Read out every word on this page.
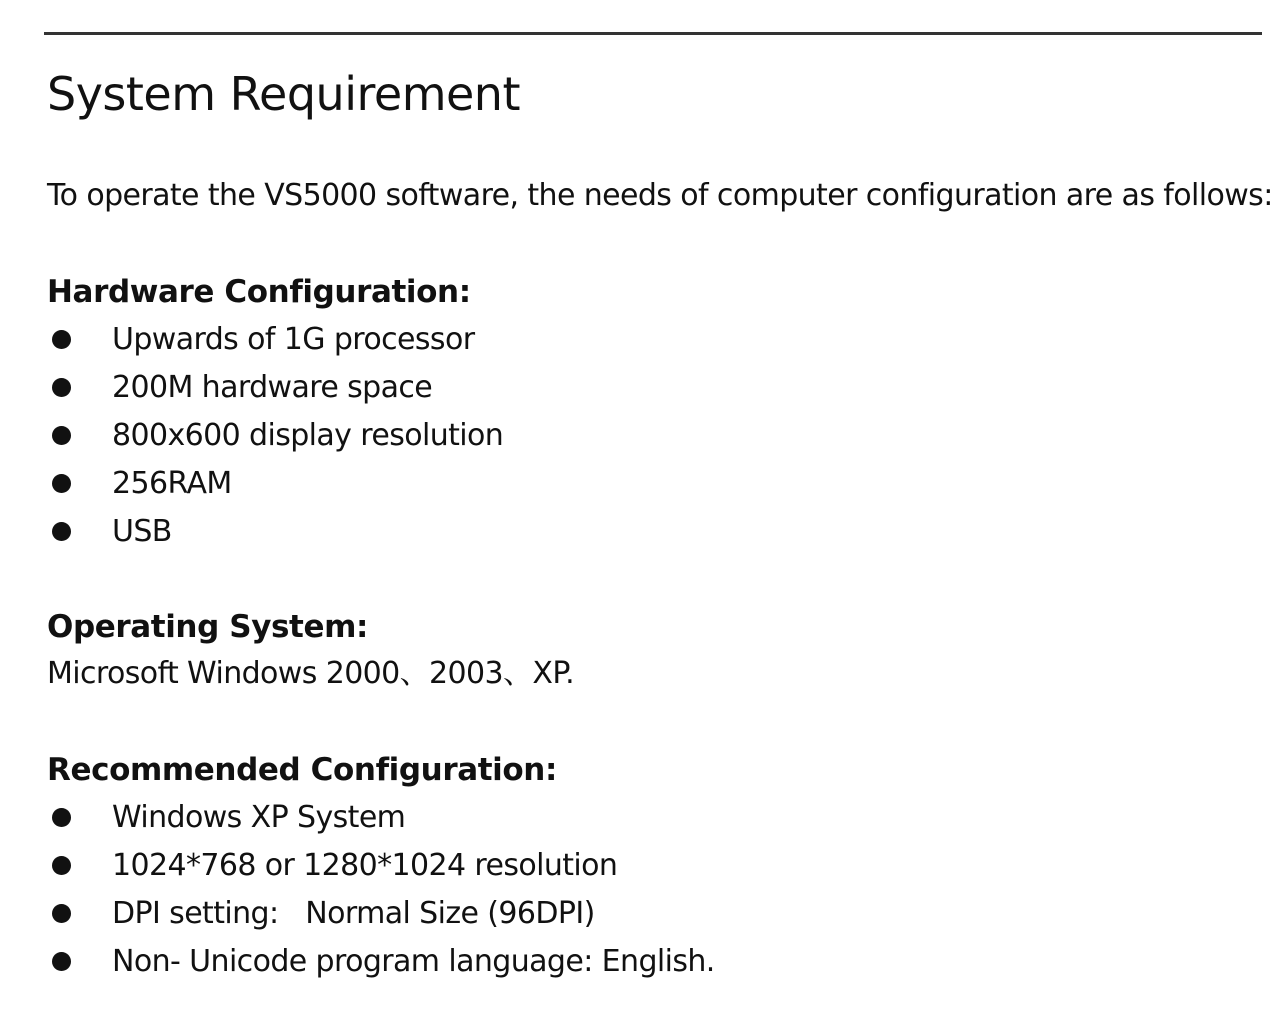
System Requirement
To operate the VS5000 software, the needs of computer configuration are as follows:
Hardware Configuration:
Upwards of 1G processor
200M hardware space
800x600 display resolution
256RAM
USB
Operating System:
Microsoft Windows 2000、2003、XP.
Recommended Configuration:
Windows XP System
1024*768 or 1280*1024 resolution
DPI setting:   Normal Size (96DPI)
Non- Unicode program language: English.
